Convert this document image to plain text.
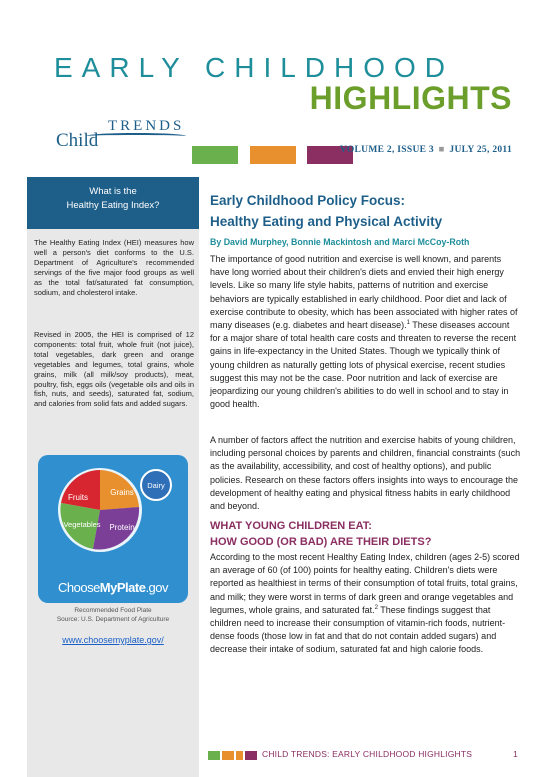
EARLY CHILDHOOD
HIGHLIGHTS
TRENDS
Child	VOLUME 2, ISSUE 3 ■ JULY 25, 2011
What is the
Healthy Eating Index?

The Healthy Eating Index (HEI) measures how well a person's diet conforms to the U.S. Department of Agriculture's recommended servings of the five major food groups as well as the total fat/saturated fat consumption, sodium, and cholesterol intake.

Revised in 2005, the HEI is comprised of 12 components: total fruit, whole fruit (not juice), total vegetables, dark green and orange vegetables and legumes, total grains, whole grains, milk (all milk/soy products), meat, poultry, fish, eggs oils (vegetable oils and oils in fish, nuts, and seeds), saturated fat, sodium, and calories from solid fats and added sugars.

Fruits
Grains
Vegetables Protein
Dairy
ChooseMyPlate.gov
Recommended Food Plate
Source: U.S. Department of Agriculture
www.choosemyplate.gov/
Early Childhood Policy Focus:
Healthy Eating and Physical Activity
By David Murphey, Bonnie Mackintosh and Marci McCoy-Roth

The importance of good nutrition and exercise is well known, and parents have long worried about their children's diets and envied their high energy levels. Like so many life style habits, patterns of nutrition and exercise behaviors are typically established in early childhood. Poor diet and lack of exercise contribute to obesity, which has been associated with higher rates of many diseases (e.g. diabetes and heart disease).$^1$ These diseases account for a major share of total health care costs and threaten to reverse the recent gains in life-expectancy in the United States. Though we typically think of young children as naturally getting lots of physical exercise, recent studies suggest this may not be the case. Poor nutrition and lack of exercise are jeopardizing our young children's abilities to do well in school and to stay in good health.

A number of factors affect the nutrition and exercise habits of young children, including personal choices by parents and children, financial constraints (such as the availability, accessibility, and cost of healthy options), and public policies. Research on these factors offers insights into ways to encourage the development of healthy eating and physical fitness habits in early childhood and beyond.

WHAT YOUNG CHILDREN EAT:
HOW GOOD (OR BAD) ARE THEIR DIETS?

According to the most recent Healthy Eating Index, children (ages 2-5) scored an average of 60 (of 100) points for healthy eating. Children's diets were reported as healthiest in terms of their consumption of total fruits, total grains, and milk; they were worst in terms of dark green and orange vegetables and legumes, whole grains, and saturated fat.$^2$ These findings suggest that children need to increase their consumption of vitamin-rich foods, nutrient-dense foods (those low in fat and that do not contain added sugars) and decrease their intake of sodium, saturated fat and high calorie foods.

CHILD TRENDS: EARLY CHILDHOOD HIGHLIGHTS	1
